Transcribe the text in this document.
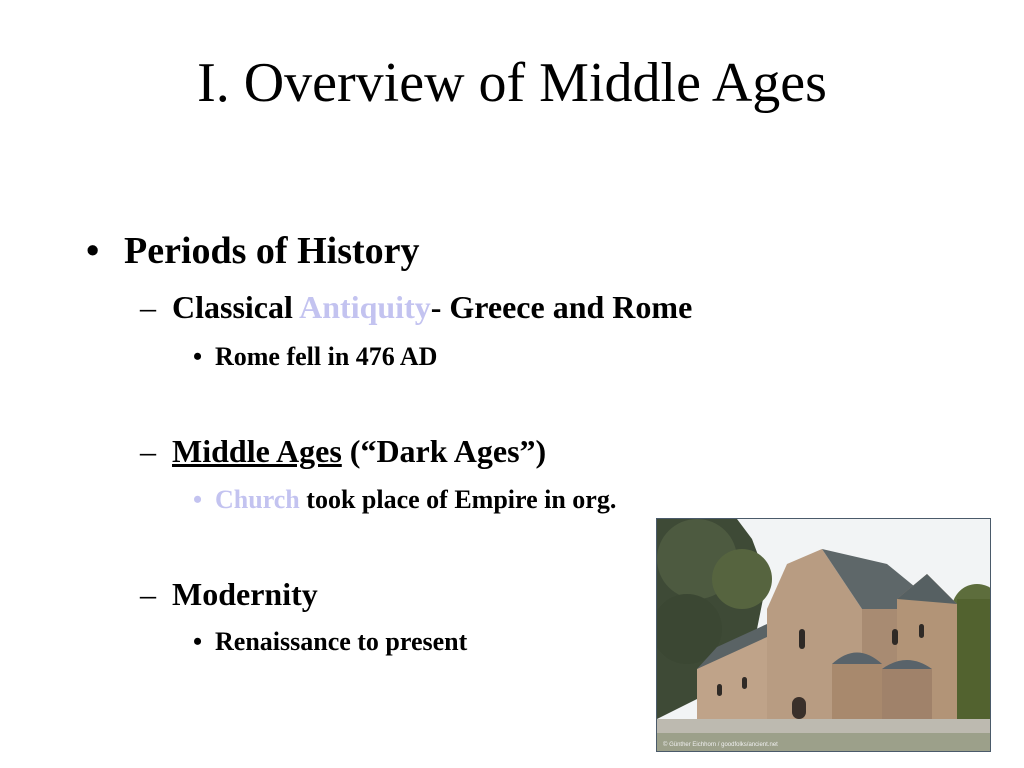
I. Overview of Middle Ages
• Periods of History
– Classical Antiquity- Greece and Rome
• Rome fell in 476 AD
– Middle Ages (“Dark Ages”)
• Church took place of Empire in org.
– Modernity
• Renaissance to present
© Günther Eichhorn / goodfolks/ancient.net
